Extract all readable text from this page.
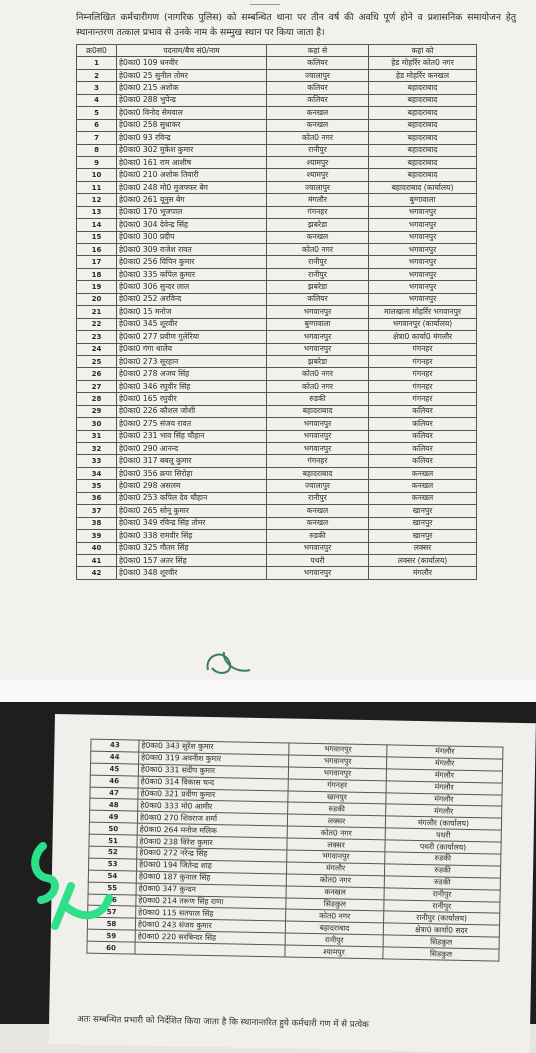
निम्नलिखित कर्मचारीगण (नागरिक पुलिस) को सम्बन्धित थाना पर तीन वर्ष की अवधि पूर्ण होने व प्रशासनिक समायोजन हेतु स्थानान्तरण तत्काल प्रभाव से उनके नाम के सम्मुख स्थान पर किया जाता है।
क्र0सं0	पदनाम/बैच सं0/नाम	कहां से	कहां को
1	हे0का0 109 धनवीर	कलियर	हेड मोहर्रिर कोत0 नगर
2	हे0का0 25 सुनील तोमर	ज्वालापुर	हेड मोहर्रिर कनखल
3	हे0का0 215 अशोक	कलियर	बहादराबाद
4	हे0का0 288 भुपेन्द्र	कलियर	बहादराबाद
5	हे0का0 विनोद सेमवाल	कनखल	बहादराबाद
6	हे0का0 258 सुधाकर	कनखल	बहादराबाद
7	हे0का0 93 रविन्द्र	कोत0 नगर	बहादराबाद
8	हे0का0 302 मुकेश कुमार	रानीपुर	बहादराबाद
9	हे0का0 161 राम आशीष	श्यामपुर	बहादराबाद
10	हे0का0 210 अशोक तिवारी	श्यामपुर	बहादराबाद
11	हे0का0 248 मो0 मुजफ्फर बेग	ज्वालापुर	बहादराबाद (कार्यालय)
12	हे0का0 261 यूनुस बेग	मंगलौर	बुग्गावाला
13	हे0का0 170 भूजपाल	गंगनहर	भगवानपुर
14	हे0का0 304 देवेन्द्र सिंह	झबरेडा	भगवानपुर
15	हे0का0 300 प्रदीप	कनखल	भगवानपुर
16	हे0का0 309 राजेश रावत	कोत0 नगर	भगवानपुर
17	हे0का0 256 विपिन कुमार	रानीपुर	भगवानपुर
18	हे0का0 335 कपिल कुमार	रानीपुर	भगवानपुर
19	हे0का0 306 सुन्दर लाल	झबरेडा	भगवानपुर
20	हे0का0 252 अरविन्द	कलियर	भगवानपुर
21	हे0का0 15 मनोज	भगवानपुर	मालखाना मोहर्रिर भगवानपुर
22	हे0का0 345 शूरवीर	बुग्गावाला	भगवानपुर (कार्यालय)
23	हे0का0 277 प्रवीण गुलेरिया	भगवानपुर	क्षेत्रा0 कार्या0 मंगलौर
24	हे0का0 गंगा थालेव	भगवानपुर	गंगनहर
25	हे0का0 273 सूरहान	झबरेडा	गंगनहर
26	हे0का0 278 अजय सिंह	कोत0 नगर	गंगनहर
27	हे0का0 346 रघुवीर सिंह	कोत0 नगर	गंगनहर
28	हे0का0 165 रघुवीर	रुडकी	गंगनहर
29	हे0का0 226 कौशल जोशी	बहादराबाद	कलियर
30	हे0का0 275 संजय रावत	भगवानपुर	कलियर
31	हे0का0 231 भाव सिंह चौहान	भगवानपुर	कलियर
32	हे0का0 290 आनन्द	भगवानपुर	कलियर
33	हे0का0 317 बबलू कुमार	गंगनहर	कलियर
34	हे0का0 356 क्रपा सिरोहा	बहादराबाद	कनखल
35	हे0का0 298 असलम	ज्वालापुर	कनखल
36	हे0का0 253 कपिल देव चौहान	रानीपुर	कनखल
37	हे0का0 265 सोनू कुमार	कनखल	खानपुर
38	हे0का0 349 रविन्द्र सिंह तोमर	कनखल	खानपुर
39	हे0का0 338 रामवीर सिंह	रुडकी	खानपुर
40	हे0का0 325 गौतम सिंह	भगवानपुर	लक्सर
41	हे0का0 157 अतर सिंह	पथरी	लक्सर (कार्यालय)
42	हे0का0 348 शूरवीर	भगवानपुर	मंगलौर
43	हे0का0 343 सुरेश कुमार	भगवानपुर	मंगलौर
44	हे0का0 319 अवनीश कुमार	भगवानपुर	मंगलौर
45	हे0का0 331 संदीप कुमार	भगवानपुर	मंगलौर
46	हे0का0 314 विकास चन्द	गंगनहर	मंगलौर
47	हे0का0 321 प्रवीण कुमार	खानपुर	मंगलौर
48	हे0का0 333 मो0 आमीर	रुडकी	मंगलौर
49	हे0का0 270 शिवराज शर्मा	लक्सर	मंगलौर (कार्यालय)
50	हे0का0 264 मनोज मलिक	कोत0 नगर	पथरी
51	हे0का0 238 विरेश कुमार	लक्सर	पथरी (कार्यालय)
52	हे0का0 272 नरेन्द्र सिंह	भगवानपुर	रुडकी
53	हे0का0 194 जितेन्द्र शाह	मंगलौर	रुडकी
54	हे0का0 187 कुनाल सिंह	कोत0 नगर	रुडकी
55	हे0का0 347 कुन्दन	कनखल	रानीपुर
56	हे0का0 214 तरूण सिंह राणा	सिडकुल	रानीपुर
57	हे0का0 115 सतपाल सिंह	कोत0 नगर	रानीपुर (कार्यालय)
58	हे0का0 243 संजय कुमार	बहादराबाद	क्षेत्रा0 कार्या0 सदर
59	हे0का0 220 सरबिन्दर सिंह	रानीपुर	सिडकुल
60		श्यामपुर	सिडकुल
अतः सम्बन्धित प्रभारी को निर्देशित किया जाता है कि स्थानान्तरित हुये कर्मचारी गण में से प्रत्येक
